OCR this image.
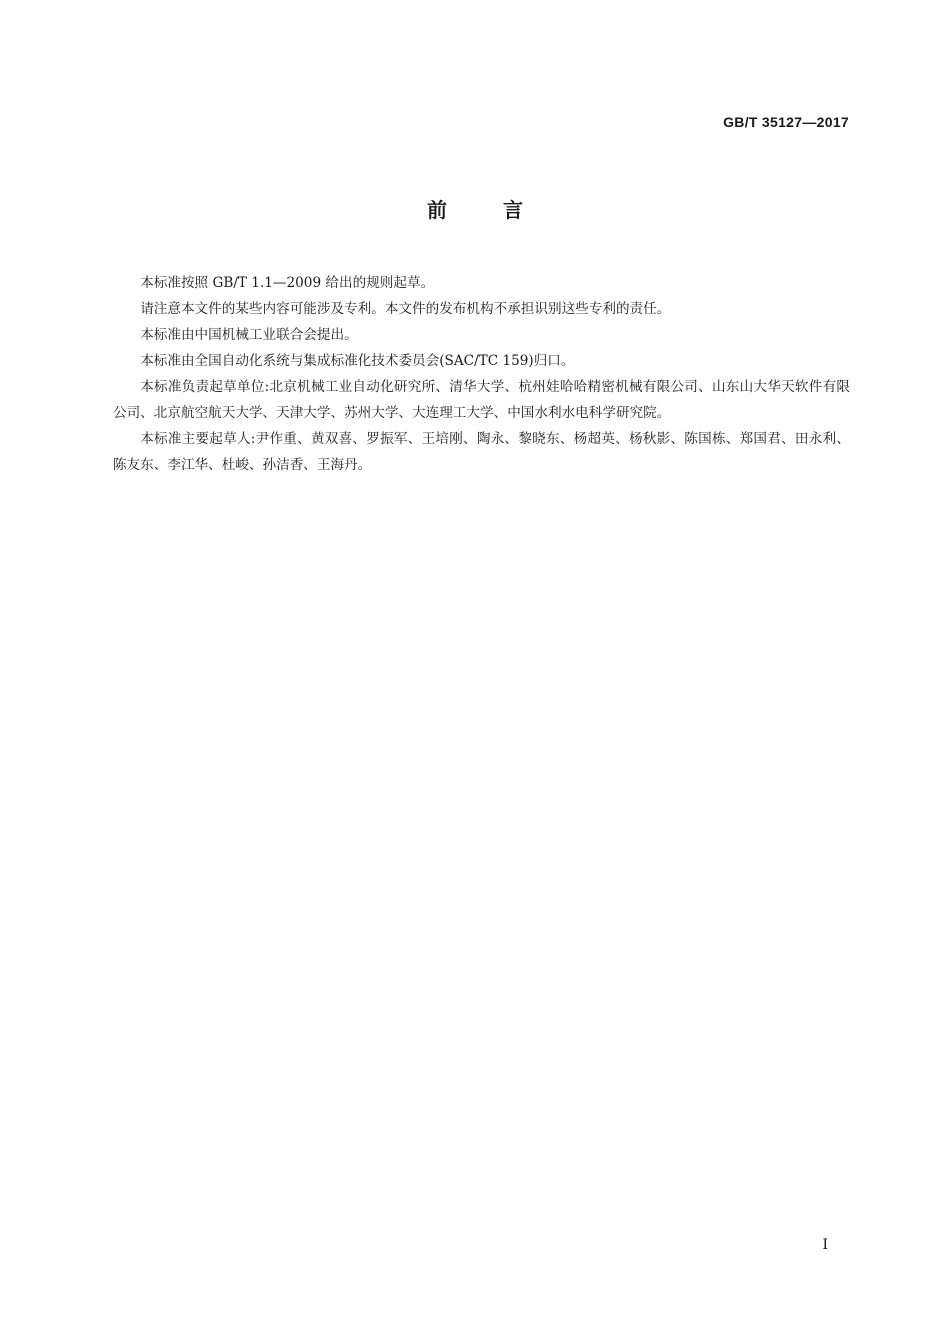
GB/T 35127—2017
前	言

本标准按照 GB/T 1.1—2009 给出的规则起草。

请注意本文件的某些内容可能涉及专利。本文件的发布机构不承担识别这些专利的责任。

本标准由中国机械工业联合会提出。

本标准由全国自动化系统与集成标准化技术委员会(SAC/TC 159)归口。

本标准负责起草单位:北京机械工业自动化研究所、清华大学、杭州娃哈哈精密机械有限公司、山东山大华天软件有限公司、北京航空航天大学、天津大学、苏州大学、大连理工大学、中国水利水电科学研究院。

本标准主要起草人:尹作重、黄双喜、罗振军、王培刚、陶永、黎晓东、杨超英、杨秋影、陈国栋、郑国君、田永利、陈友东、李江华、杜峻、孙洁香、王海丹。

I
